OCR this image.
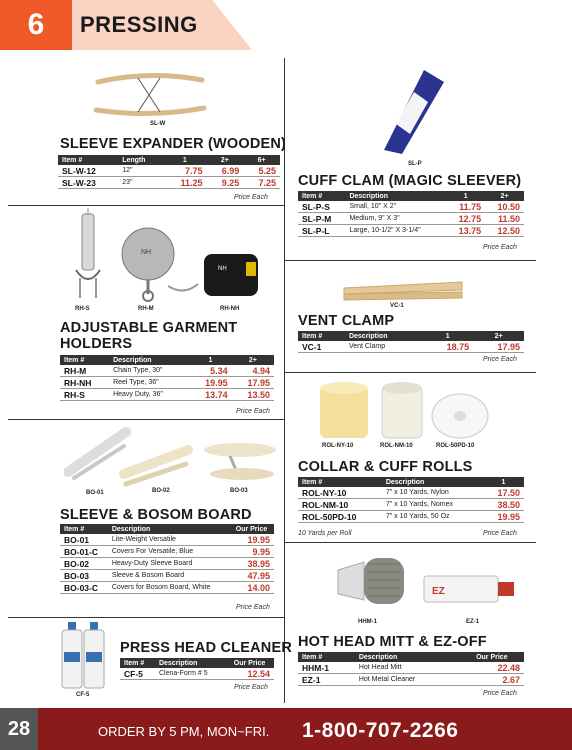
6	PRESSING
SL-W
SLEEVE EXPANDER (WOODEN)
Item #	Length	1	2+	6+
SL-W-12	12"	7.75	6.99	5.25
SL-W-23	23"	11.25	9.25	7.25
Price Each
NH
NH
RH-S	RH-M	RH-NH
ADJUSTABLE GARMENT
HOLDERS
Item #	Description	1	2+
RH-M	Chain Type, 30"	5.34	4.94
RH-NH	Reel Type, 36"	19.95	17.95
RH-S	Heavy Duty, 36"	13.74	13.50
Price Each
BO-01	BO-02	BO-03
SLEEVE & BOSOM BOARD
Item #	Description	Our Price
BO-01	Lite-Weight Versatile	19.95
BO-01-C	Covers For Versatile, Blue	9.95
BO-02	Heavy-Duty Sleeve Board	38.95
BO-03	Sleeve & Bosom Board	47.95
BO-03-C	Covers for Bosom Board, White	14.00
Price Each
CF-5
PRESS HEAD CLEANER
Item #	Description	Our Price
CF-5	Clena-Form # 5	12.54
Price Each
SL-P
CUFF CLAM (MAGIC SLEEVER)
Item #	Description	1	2+
SL-P-S	Small, 10" X 2"	11.75	10.50
SL-P-M	Medium, 9" X 3"	12.75	11.50
SL-P-L	Large, 10-1/2" X 3-1/4"	13.75	12.50
Price Each
VC-1
VENT CLAMP
Item #	Description	1	2+
VC-1	Vent Clamp	18.75	17.95
Price Each
ROL-NY-10	ROL-NM-10	ROL-50PD-10
COLLAR & CUFF ROLLS
Item #	Description	1
ROL-NY-10	7" x 10 Yards, Nylon	17.50
ROL-NM-10	7" x 10 Yards, Nomex	38.50
ROL-50PD-10	7" x 10 Yards, 50 Oz	19.95
10 Yards per Roll	Price Each
EZ
HHM-1	EZ-1
HOT HEAD MITT & EZ-OFF
Item #	Description	Our Price
HHM-1	Hot Head Mitt	22.48
EZ-1	Hot Metal Cleaner	2.67
Price Each
28	ORDER BY 5 PM, MON~FRI. 1-800-707-2266
